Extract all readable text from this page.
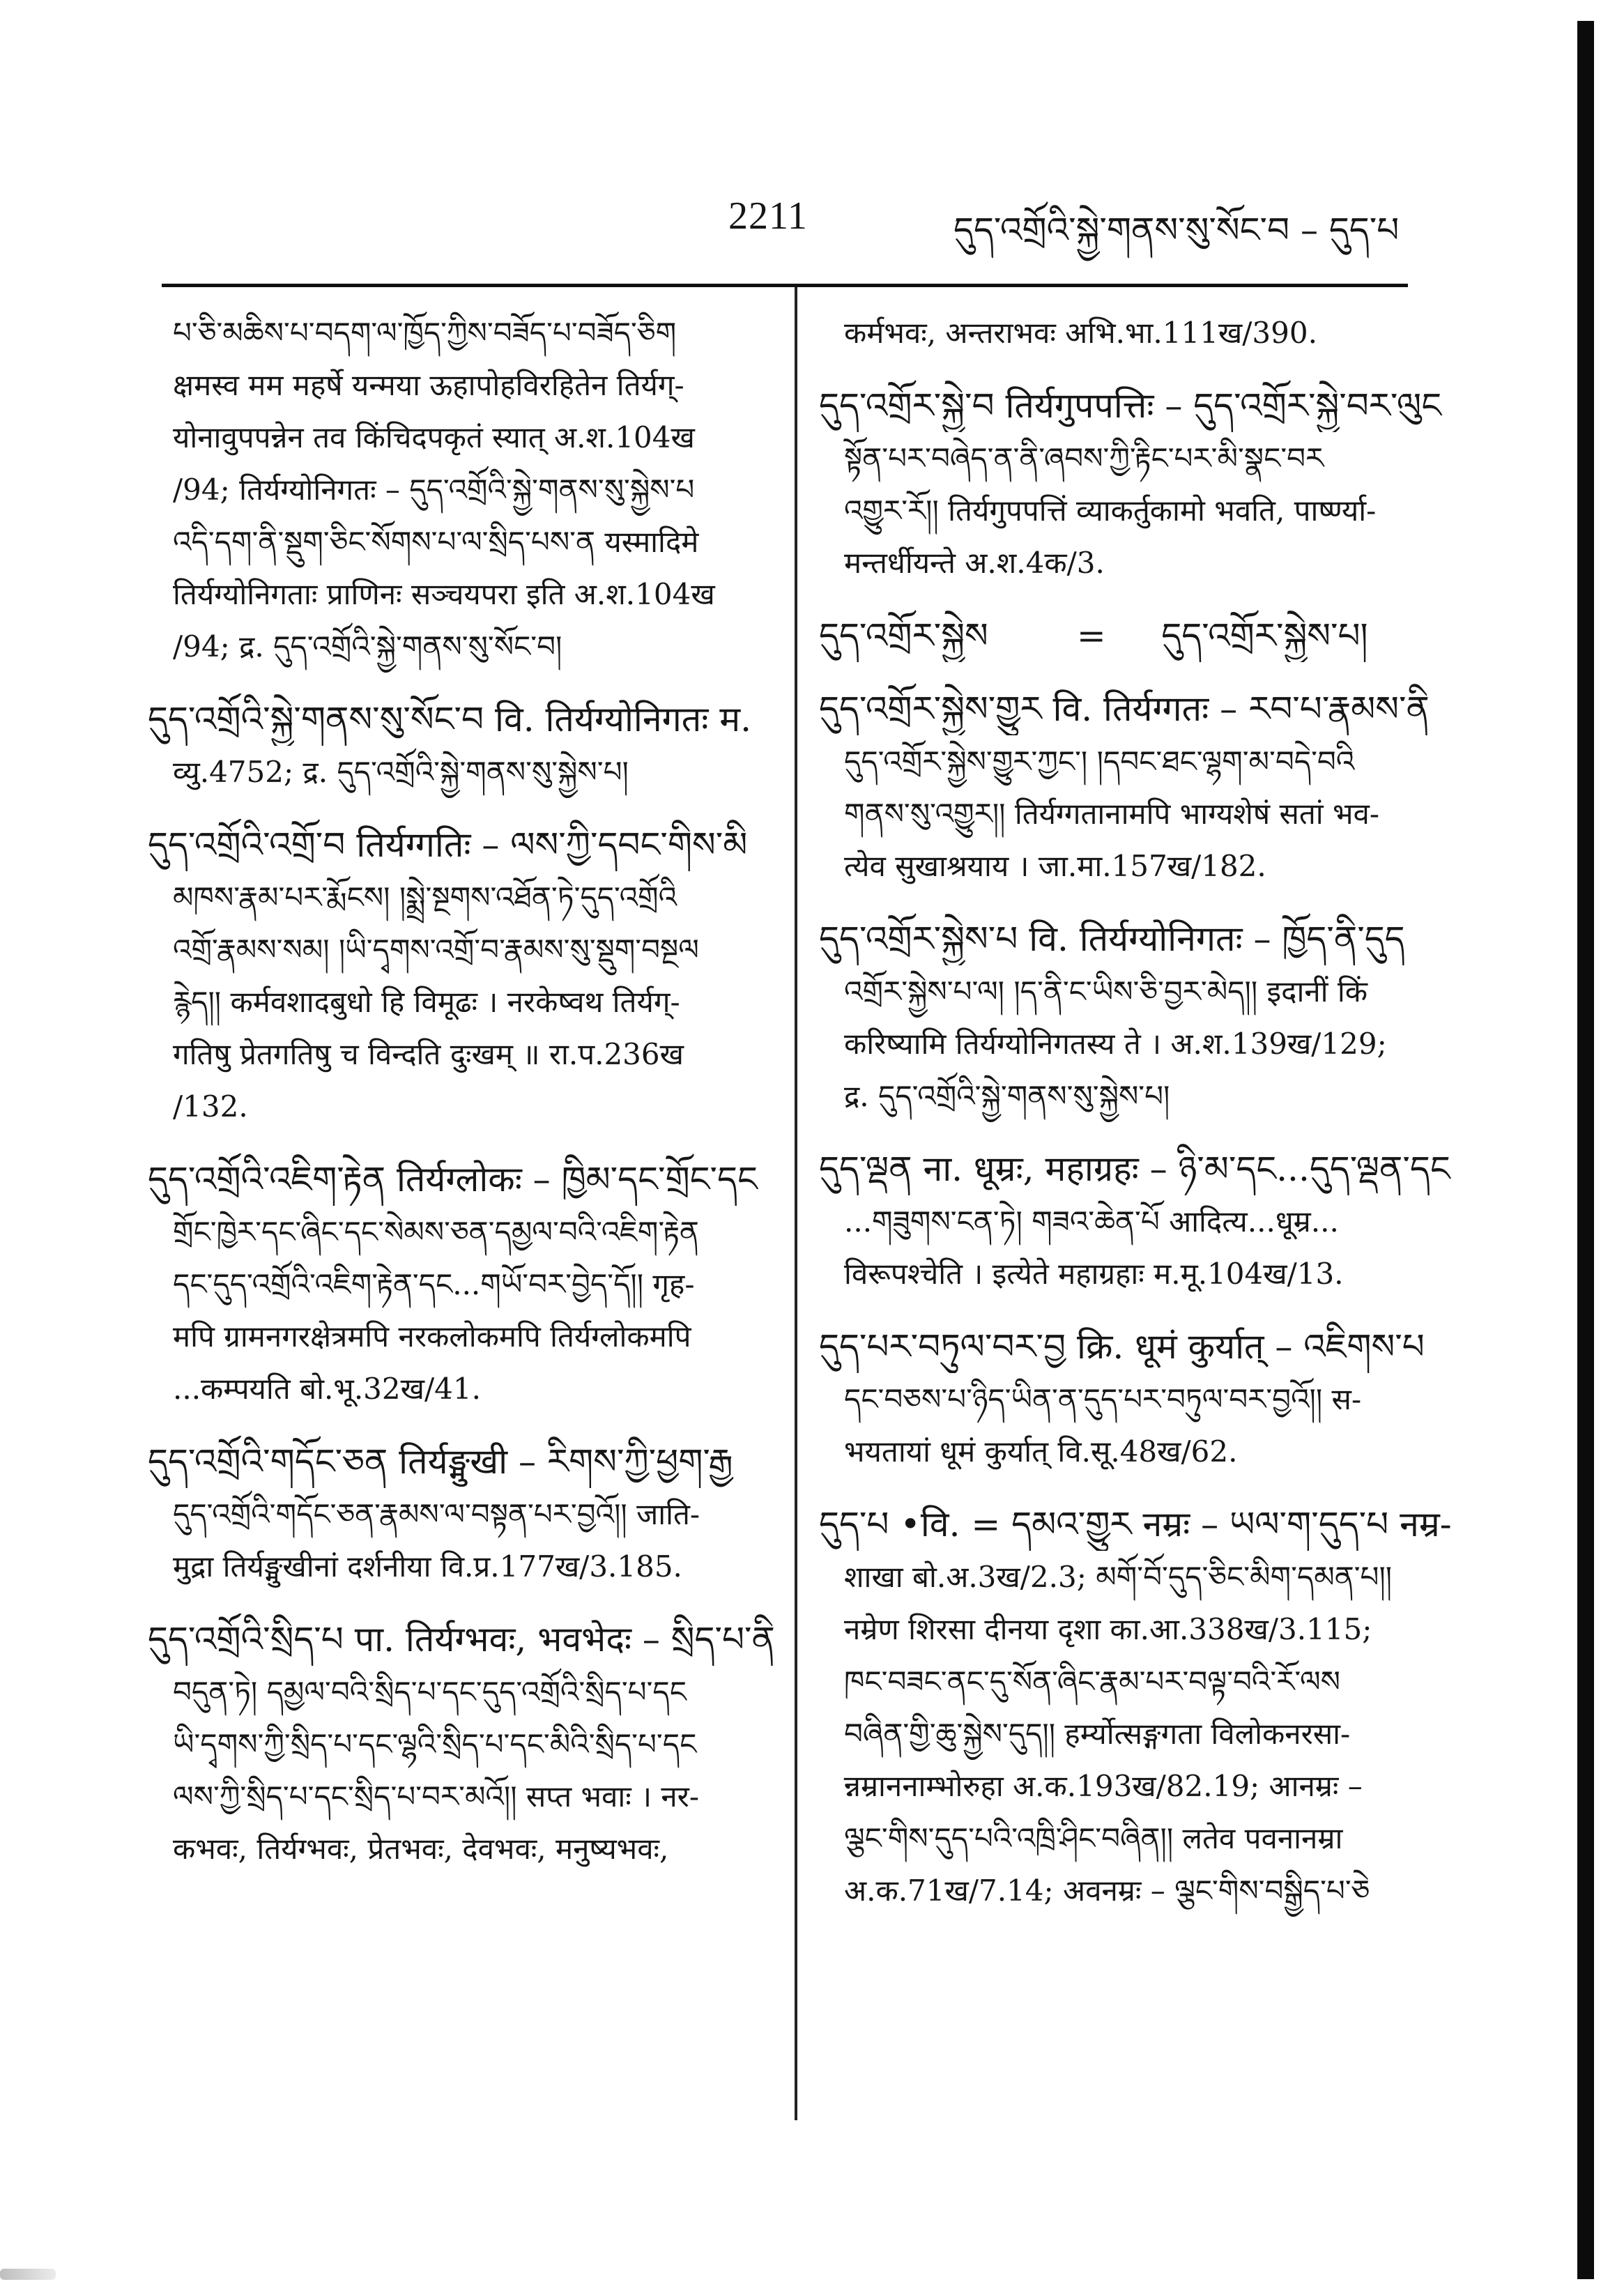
2211	དུད་འགྲོའི་སྐྱེ་གནས་སུ་སོང་བ – དུད་པ
པ་ཅི་མཆིས་པ་བདག་ལ་ཁྱོད་ཀྱིས་བཟོད་པ་བཟོད་ཅིག
क्षमस्व मम महर्षे यन्मया ऊहापोहविरहितेन तिर्यग्-
योनावुपपन्नेन तव किंचिदपकृतं स्यात् अ.श.104ख
/94; तिर्यग्योनिगतः – དུད་འགྲོའི་སྐྱེ་གནས་སུ་སྐྱེས་པ
འདི་དག་ནི་སྡུག་ཅིང་སོགས་པ་ལ་སྲིད་པས་ན यस्मादिमे
तिर्यग्योनिगताः प्राणिनः सञ्चयपरा इति अ.श.104ख
/94; द्र. དུད་འགྲོའི་སྐྱེ་གནས་སུ་སོང་བ།
དུད་འགྲོའི་སྐྱེ་གནས་སུ་སོང་བ वि. तिर्यग्योनिगतः म.
व्यु.4752; द्र. དུད་འགྲོའི་སྐྱེ་གནས་སུ་སྐྱེས་པ།
དུད་འགྲོའི་འགྲོ་བ तिर्यग्गतिः – ལས་ཀྱི་དབང་གིས་མི
མཁས་རྣམ་པར་རྨོངས། །སྨྲེ་སྔགས་འཐོན་ཏེ་དུད་འགྲོའི
འགྲོ་རྣམས་སམ། །ཡི་དྭགས་འགྲོ་བ་རྣམས་སུ་སྡུག་བསྔལ
རྙེད།། कर्मवशादबुधो हि विमूढः । नरकेष्वथ तिर्यग्-
गतिषु प्रेतगतिषु च विन्दति दुःखम् ॥ रा.प.236ख
/132.
དུད་འགྲོའི་འཇིག་རྟེན तिर्यग्लोकः – ཁྱིམ་དང་གྲོང་དང
གྲོང་ཁྱེར་དང་ཞིང་དང་སེམས་ཅན་དམྱལ་བའི་འཇིག་རྟེན
དང་དུད་འགྲོའི་འཇིག་རྟེན་དང...གཡོ་བར་བྱེད་དོ།། गृह-
मपि ग्रामनगरक्षेत्रमपि नरकलोकमपि तिर्यग्लोकमपि
...कम्पयति बो.भू.32ख/41.
དུད་འགྲོའི་གདོང་ཅན तिर्यङ्मुखी – རིགས་ཀྱི་ཕྱག་རྒྱ
དུད་འགྲོའི་གདོང་ཅན་རྣམས་ལ་བསྟན་པར་བྱའོ།། जाति-
मुद्रा तिर्यङ्मुखीनां दर्शनीया वि.प्र.177ख/3.185.
དུད་འགྲོའི་སྲིད་པ पा. तिर्यग्भवः, भवभेदः – སྲིད་པ་ནི
བདུན་ཏེ། དམྱལ་བའི་སྲིད་པ་དང་དུད་འགྲོའི་སྲིད་པ་དང
ཡི་དྭགས་ཀྱི་སྲིད་པ་དང་ལྷའི་སྲིད་པ་དང་མིའི་སྲིད་པ་དང
ལས་ཀྱི་སྲིད་པ་དང་སྲིད་པ་བར་མའོ།། सप्त भवाः । नर-
कभवः, तिर्यग्भवः, प्रेतभवः, देवभवः, मनुष्यभवः,
कर्मभवः, अन्तराभवः अभि.भा.111ख/390.
དུད་འགྲོར་སྐྱེ་བ तिर्यगुपपत्तिः – དུད་འགྲོར་སྐྱེ་བར་ལུང
སྟོན་པར་བཞེད་ན་ནི་ཞབས་ཀྱི་རྟིང་པར་མི་སྣང་བར
འགྱུར་རོ།། तिर्यगुपपत्तिं व्याकर्तुकामो भवति, पार्ष्ण्या-
मन्तर्धीयन्ते अ.श.4क/3.
དུད་འགྲོར་སྐྱེས        =     དུད་འགྲོར་སྐྱེས་པ།
དུད་འགྲོར་སྐྱེས་གྱུར वि. तिर्यग्गतः – རབ་པ་རྣམས་ནི
དུད་འགྲོར་སྐྱེས་གྱུར་ཀྱང་། །དབང་ཐང་ལྷག་མ་བདེ་བའི
གནས་སུ་འགྱུར།། तिर्यग्गतानामपि भाग्यशेषं सतां भव-
त्येव सुखाश्रयाय । जा.मा.157ख/182.
དུད་འགྲོར་སྐྱེས་པ वि. तिर्यग्योनिगतः – ཁྱོད་ནི་དུད
འགྲོར་སྐྱེས་པ་ལ། །ད་ནི་ང་ཡིས་ཅི་བྱར་མེད།། इदानीं किं
करिष्यामि तिर्यग्योनिगतस्य ते । अ.श.139ख/129;
द्र. དུད་འགྲོའི་སྐྱེ་གནས་སུ་སྐྱེས་པ།
དུད་ལྡན ना. धूम्रः, महाग्रहः – ཉི་མ་དང...དུད་ལྡན་དང
...གཟུགས་ངན་ཏེ། གཟའ་ཆེན་པོ आदित्य...धूम्र...
विरूपश्चेति । इत्येते महाग्रहाः म.मू.104ख/13.
དུད་པར་བཏུལ་བར་བྱ क्रि. धूमं कुर्यात् – འཇིགས་པ
དང་བཅས་པ་ཉིད་ཡིན་ན་དུད་པར་བཏུལ་བར་བྱའོ།། स-
भयतायां धूमं कुर्यात् वि.सू.48ख/62.
དུད་པ •वि. = དམའ་གྱུར नम्रः – ཡལ་ག་དུད་པ नम्र-
शाखा बो.अ.3ख/2.3; མགོ་བོ་དུད་ཅིང་མིག་དམན་པ།།
नम्रेण शिरसा दीनया दृशा का.आ.338ख/3.115;
ཁང་བཟང་ནང་དུ་སོན་ཞིང་རྣམ་པར་བལྟ་བའི་རོ་ལས
བཞིན་གྱི་ཆུ་སྐྱེས་དུད།། हर्म्योत्सङ्गगता विलोकनरसा-
न्नम्राननाम्भोरुहा अ.क.193ख/82.19; आनम्रः –
ལྕང་གིས་དུད་པའི་འཁྲི་ཤིང་བཞིན།། लतेव पवनानम्रा
अ.क.71ख/7.14; अवनम्रः – ལྕང་གིས་བསྒྱིད་པ་ཅེ
